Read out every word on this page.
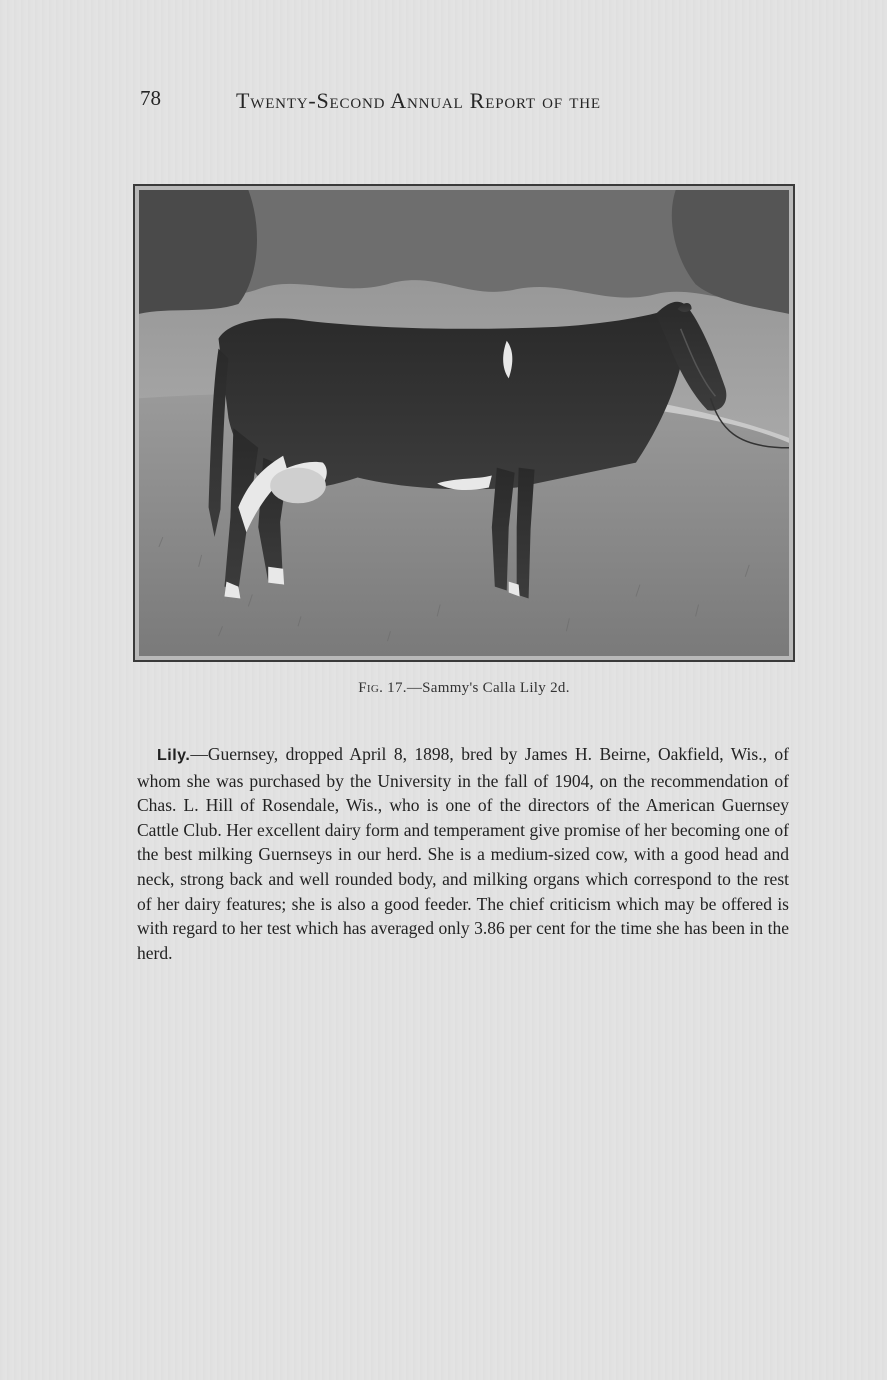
78	Twenty-Second Annual Report of the
Fig. 17.—Sammy's Calla Lily 2d.

Lily.—Guernsey, dropped April 8, 1898, bred by James H. Beirne, Oakfield, Wis., of whom she was purchased by the University in the fall of 1904, on the recommendation of Chas. L. Hill of Rosendale, Wis., who is one of the directors of the American Guernsey Cattle Club. Her excellent dairy form and temperament give promise of her becoming one of the best milking Guernseys in our herd. She is a medium-sized cow, with a good head and neck, strong back and well rounded body, and milking organs which correspond to the rest of her dairy features; she is also a good feeder. The chief criticism which may be offered is with regard to her test which has averaged only 3.86 per cent for the time she has been in the herd.
